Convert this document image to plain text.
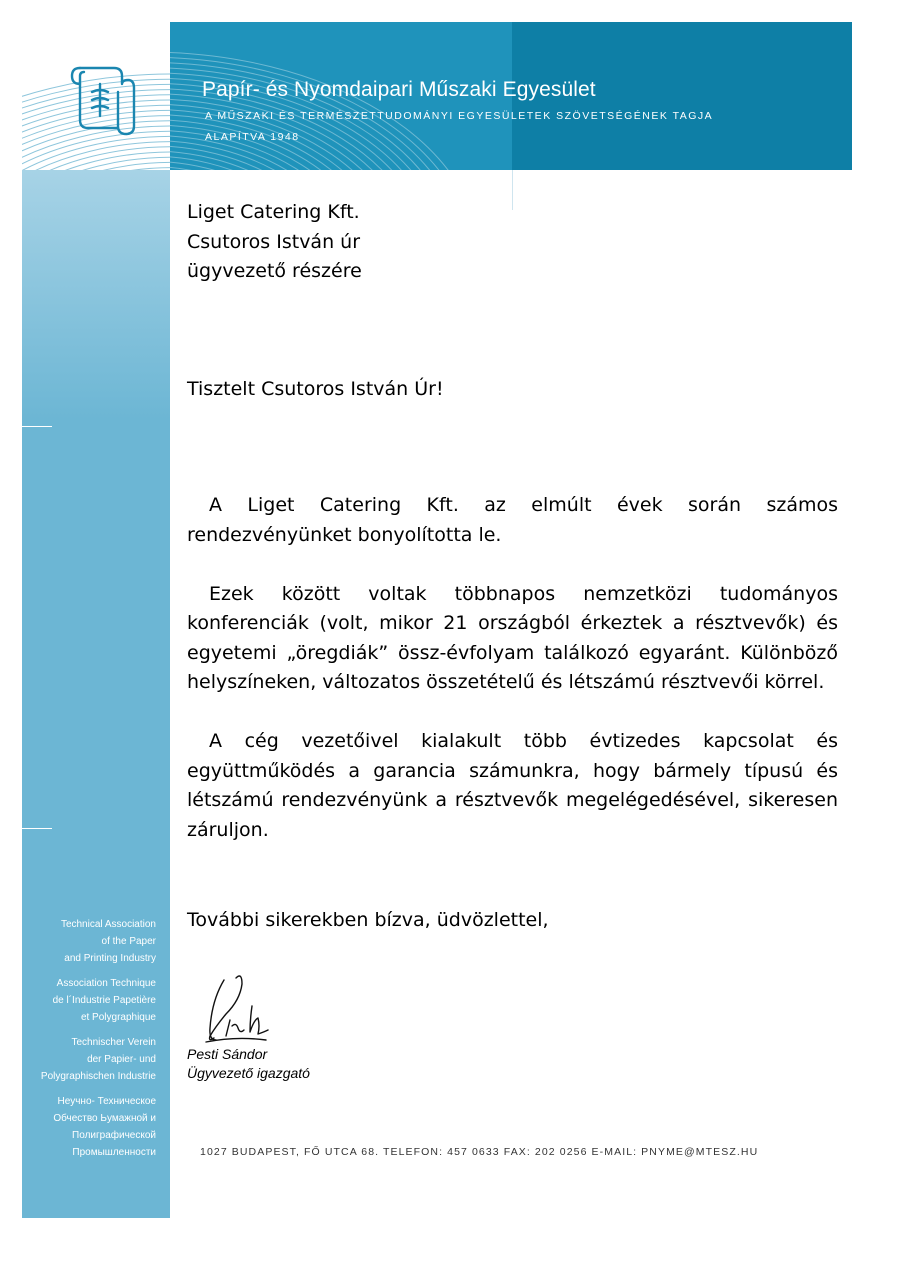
Papír- és Nyomdaipari Műszaki Egyesület
A MŰSZAKI ÉS TERMÉSZETTUDOMÁNYI EGYESÜLETEK SZÖVETSÉGÉNEK TAGJA
ALAPÍTVA 1948
Technical Association
of the Paper
and Printing Industry
Association Technique
de l´Industrie Papetière
et Polygraphique
Technischer Verein
der Papier- und
Polygraphischen Industrie
Неучно- Техническое
Обчество Ьумажной и
Полиграфической
Промышленности
Liget Catering Kft.
Csutoros István úr
ügyvezető részére
Tisztelt Csutoros István Úr!

A Liget Catering Kft. az elmúlt évek során számos rendezvényünket bonyolította le.

Ezek között voltak többnapos nemzetközi tudományos konferenciák (volt, mikor 21 országból érkeztek a résztvevők) és egyetemi „öregdiák” össz-évfolyam találkozó egyaránt. Különböző helyszíneken, változatos összetételű és létszámú résztvevői körrel.

A cég vezetőivel kialakult több évtizedes kapcsolat és együttműködés a garancia számunkra, hogy bármely típusú és létszámú rendezvényünk a résztvevők megelégedésével, sikeresen záruljon.

További sikerekben bízva, üdvözlettel,
Pesti Sándor
Ügyvezető igazgató
1027 BUDAPEST, FŐ UTCA 68. TELEFON: 457 0633 FAX: 202 0256 E-MAIL: PNYME@MTESZ.HU
